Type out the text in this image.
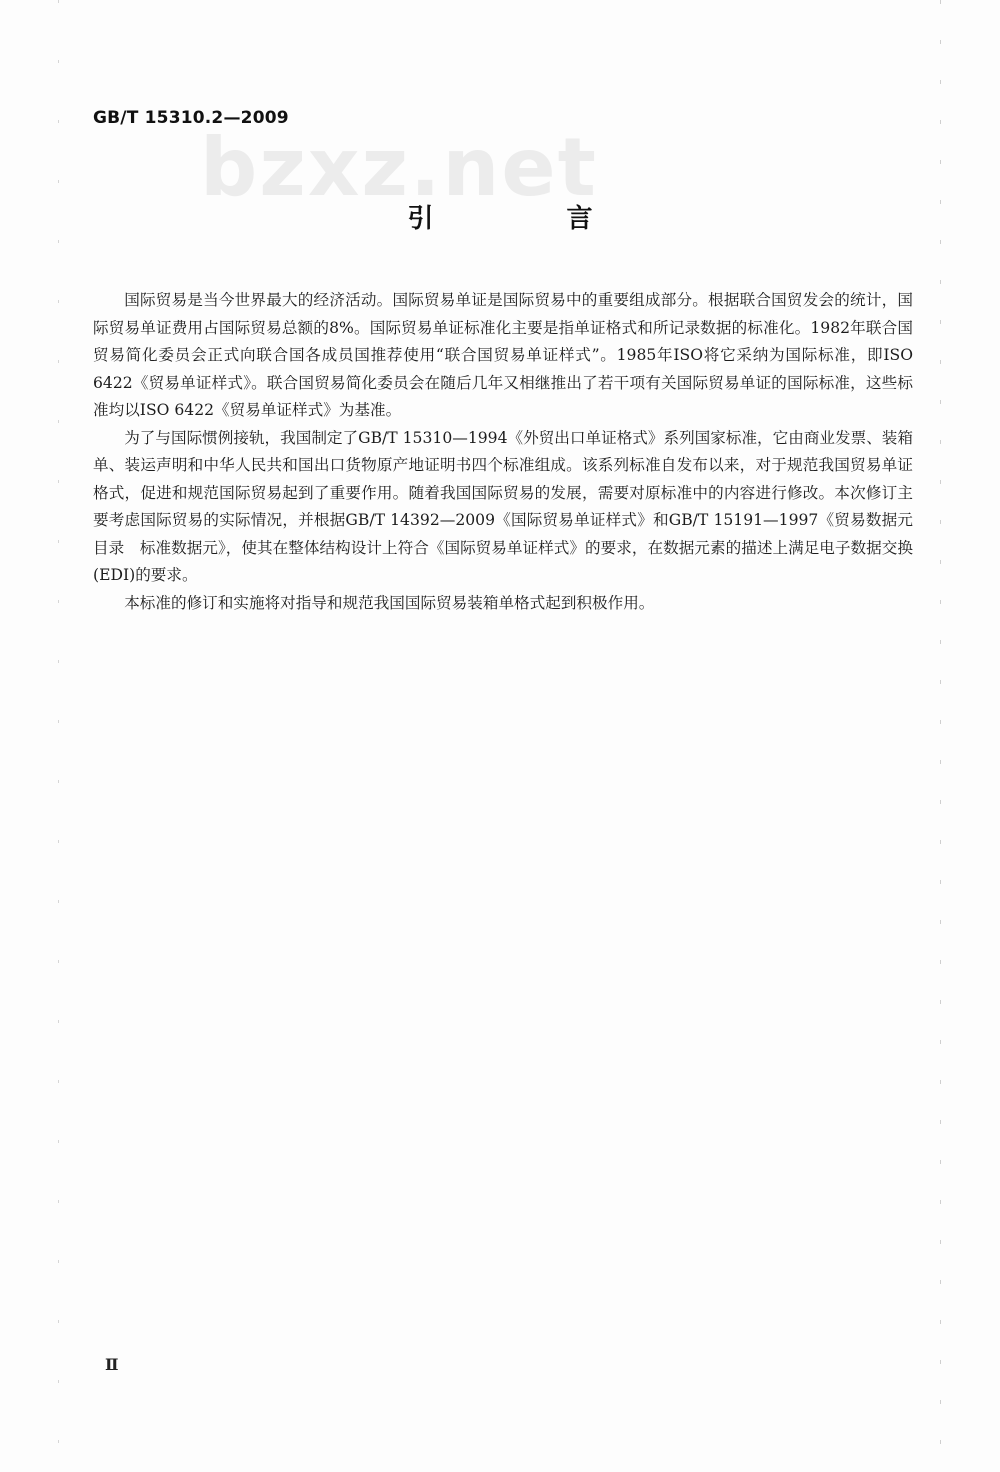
GB/T 15310.2—2009
bzxz.net
引 言

国际贸易是当今世界最大的经济活动。国际贸易单证是国际贸易中的重要组成部分。根据联合国贸发会的统计，国际贸易单证费用占国际贸易总额的8%。国际贸易单证标准化主要是指单证格式和所记录数据的标准化。1982年联合国贸易简化委员会正式向联合国各成员国推荐使用“联合国贸易单证样式”。1985年ISO将它采纳为国际标准，即ISO 6422《贸易单证样式》。联合国贸易简化委员会在随后几年又相继推出了若干项有关国际贸易单证的国际标准，这些标准均以ISO 6422《贸易单证样式》为基准。

为了与国际惯例接轨，我国制定了GB/T 15310—1994《外贸出口单证格式》系列国家标准，它由商业发票、装箱单、装运声明和中华人民共和国出口货物原产地证明书四个标准组成。该系列标准自发布以来，对于规范我国贸易单证格式，促进和规范国际贸易起到了重要作用。随着我国国际贸易的发展，需要对原标准中的内容进行修改。本次修订主要考虑国际贸易的实际情况，并根据GB/T 14392—2009《国际贸易单证样式》和GB/T 15191—1997《贸易数据元目录　标准数据元》，使其在整体结构设计上符合《国际贸易单证样式》的要求，在数据元素的描述上满足电子数据交换(EDI)的要求。

本标准的修订和实施将对指导和规范我国国际贸易装箱单格式起到积极作用。

Ⅱ
